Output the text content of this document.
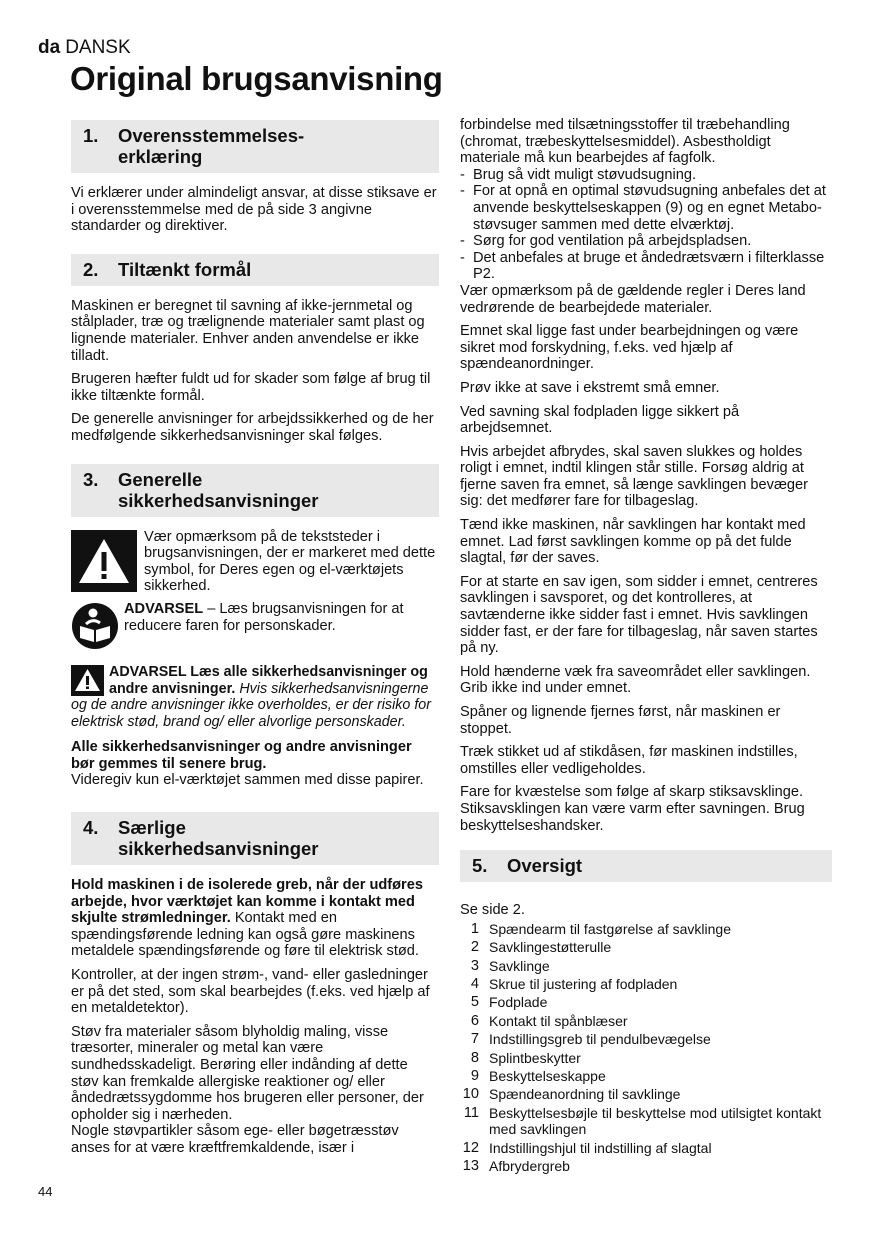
da DANSK
Original brugsanvisning
1.	Overensstemmelses-
erklæring

Vi erklærer under almindeligt ansvar, at disse stiksave er i overensstemmelse med de på side 3 angivne standarder og direktiver.

2.	Tiltænkt formål

Maskinen er beregnet til savning af ikke-jernmetal og stålplader, træ og trælignende materialer samt plast og lignende materialer. Enhver anden anvendelse er ikke tilladt.

Brugeren hæfter fuldt ud for skader som følge af brug til ikke tiltænkte formål.

De generelle anvisninger for arbejdssikkerhed og de her medfølgende sikkerhedsanvisninger skal følges.

3.	Generelle
sikkerhedsanvisninger
Vær opmærksom på de tekststeder i brugsanvisningen, der er markeret med dette symbol, for Deres egen og el-værktøjets sikkerhed.
ADVARSEL – Læs brugsanvisningen for at reducere faren for personskader.

ADVARSEL Læs alle sikkerhedsanvisninger og andre anvisninger. Hvis sikkerhedsanvisningerne og de andre anvisninger ikke overholdes, er der risiko for elektrisk stød, brand og/ eller alvorlige personskader.

Alle sikkerhedsanvisninger og andre anvisninger bør gemmes til senere brug.

Videregiv kun el-værktøjet sammen med disse papirer.

4.	Særlige
sikkerhedsanvisninger

Hold maskinen i de isolerede greb, når der udføres arbejde, hvor værktøjet kan komme i kontakt med skjulte strømledninger. Kontakt med en spændingsførende ledning kan også gøre maskinens metaldele spændingsførende og føre til elektrisk stød.

Kontroller, at der ingen strøm-, vand- eller gasledninger er på det sted, som skal bearbejdes (f.eks. ved hjælp af en metaldetektor).

Støv fra materialer såsom blyholdig maling, visse træsorter, mineraler og metal kan være sundhedsskadeligt. Berøring eller indånding af dette støv kan fremkalde allergiske reaktioner og/ eller åndedrætssygdomme hos brugeren eller personer, der opholder sig i nærheden.

Nogle støvpartikler såsom ege- eller bøgetræsstøv anses for at være kræftfremkaldende, især i

forbindelse med tilsætningsstoffer til træbehandling (chromat, træbeskyttelsesmiddel). Asbestholdigt materiale må kun bearbejdes af fagfolk.

- Brug så vidt muligt støvudsugning.
- For at opnå en optimal støvudsugning anbefales det at anvende beskyttelseskappen (9) og en egnet Metabo-støvsuger sammen med dette elværktøj.
- Sørg for god ventilation på arbejdspladsen.
- Det anbefales at bruge et åndedrætsværn i filterklasse P2.

Vær opmærksom på de gældende regler i Deres land vedrørende de bearbejdede materialer.

Emnet skal ligge fast under bearbejdningen og være sikret mod forskydning, f.eks. ved hjælp af spændeanordninger.

Prøv ikke at save i ekstremt små emner.

Ved savning skal fodpladen ligge sikkert på arbejdsemnet.

Hvis arbejdet afbrydes, skal saven slukkes og holdes roligt i emnet, indtil klingen står stille. Forsøg aldrig at fjerne saven fra emnet, så længe savklingen bevæger sig: det medfører fare for tilbageslag.

Tænd ikke maskinen, når savklingen har kontakt med emnet. Lad først savklingen komme op på det fulde slagtal, før der saves.

For at starte en sav igen, som sidder i emnet, centreres savklingen i savsporet, og det kontrolleres, at savtænderne ikke sidder fast i emnet. Hvis savklingen sidder fast, er der fare for tilbageslag, når saven startes på ny.

Hold hænderne væk fra saveområdet eller savklingen. Grib ikke ind under emnet.

Spåner og lignende fjernes først, når maskinen er stoppet.

Træk stikket ud af stikdåsen, før maskinen indstilles, omstilles eller vedligeholdes.

Fare for kvæstelse som følge af skarp stiksavsklinge. Stiksavsklingen kan være varm efter savningen. Brug beskyttelseshandsker.

5.	Oversigt

Se side 2.

1 Spændearm til fastgørelse af savklinge
2 Savklingestøtterulle
3 Savklinge
4 Skrue til justering af fodpladen
5 Fodplade
6 Kontakt til spånblæser
7 Indstillingsgreb til pendulbevægelse
8 Splintbeskytter
9 Beskyttelseskappe
10 Spændeanordning til savklinge
11 Beskyttelsesbøjle til beskyttelse mod utilsigtet kontakt med savklingen
12 Indstillingshjul til indstilling af slagtal
13 Afbrydergreb
44
